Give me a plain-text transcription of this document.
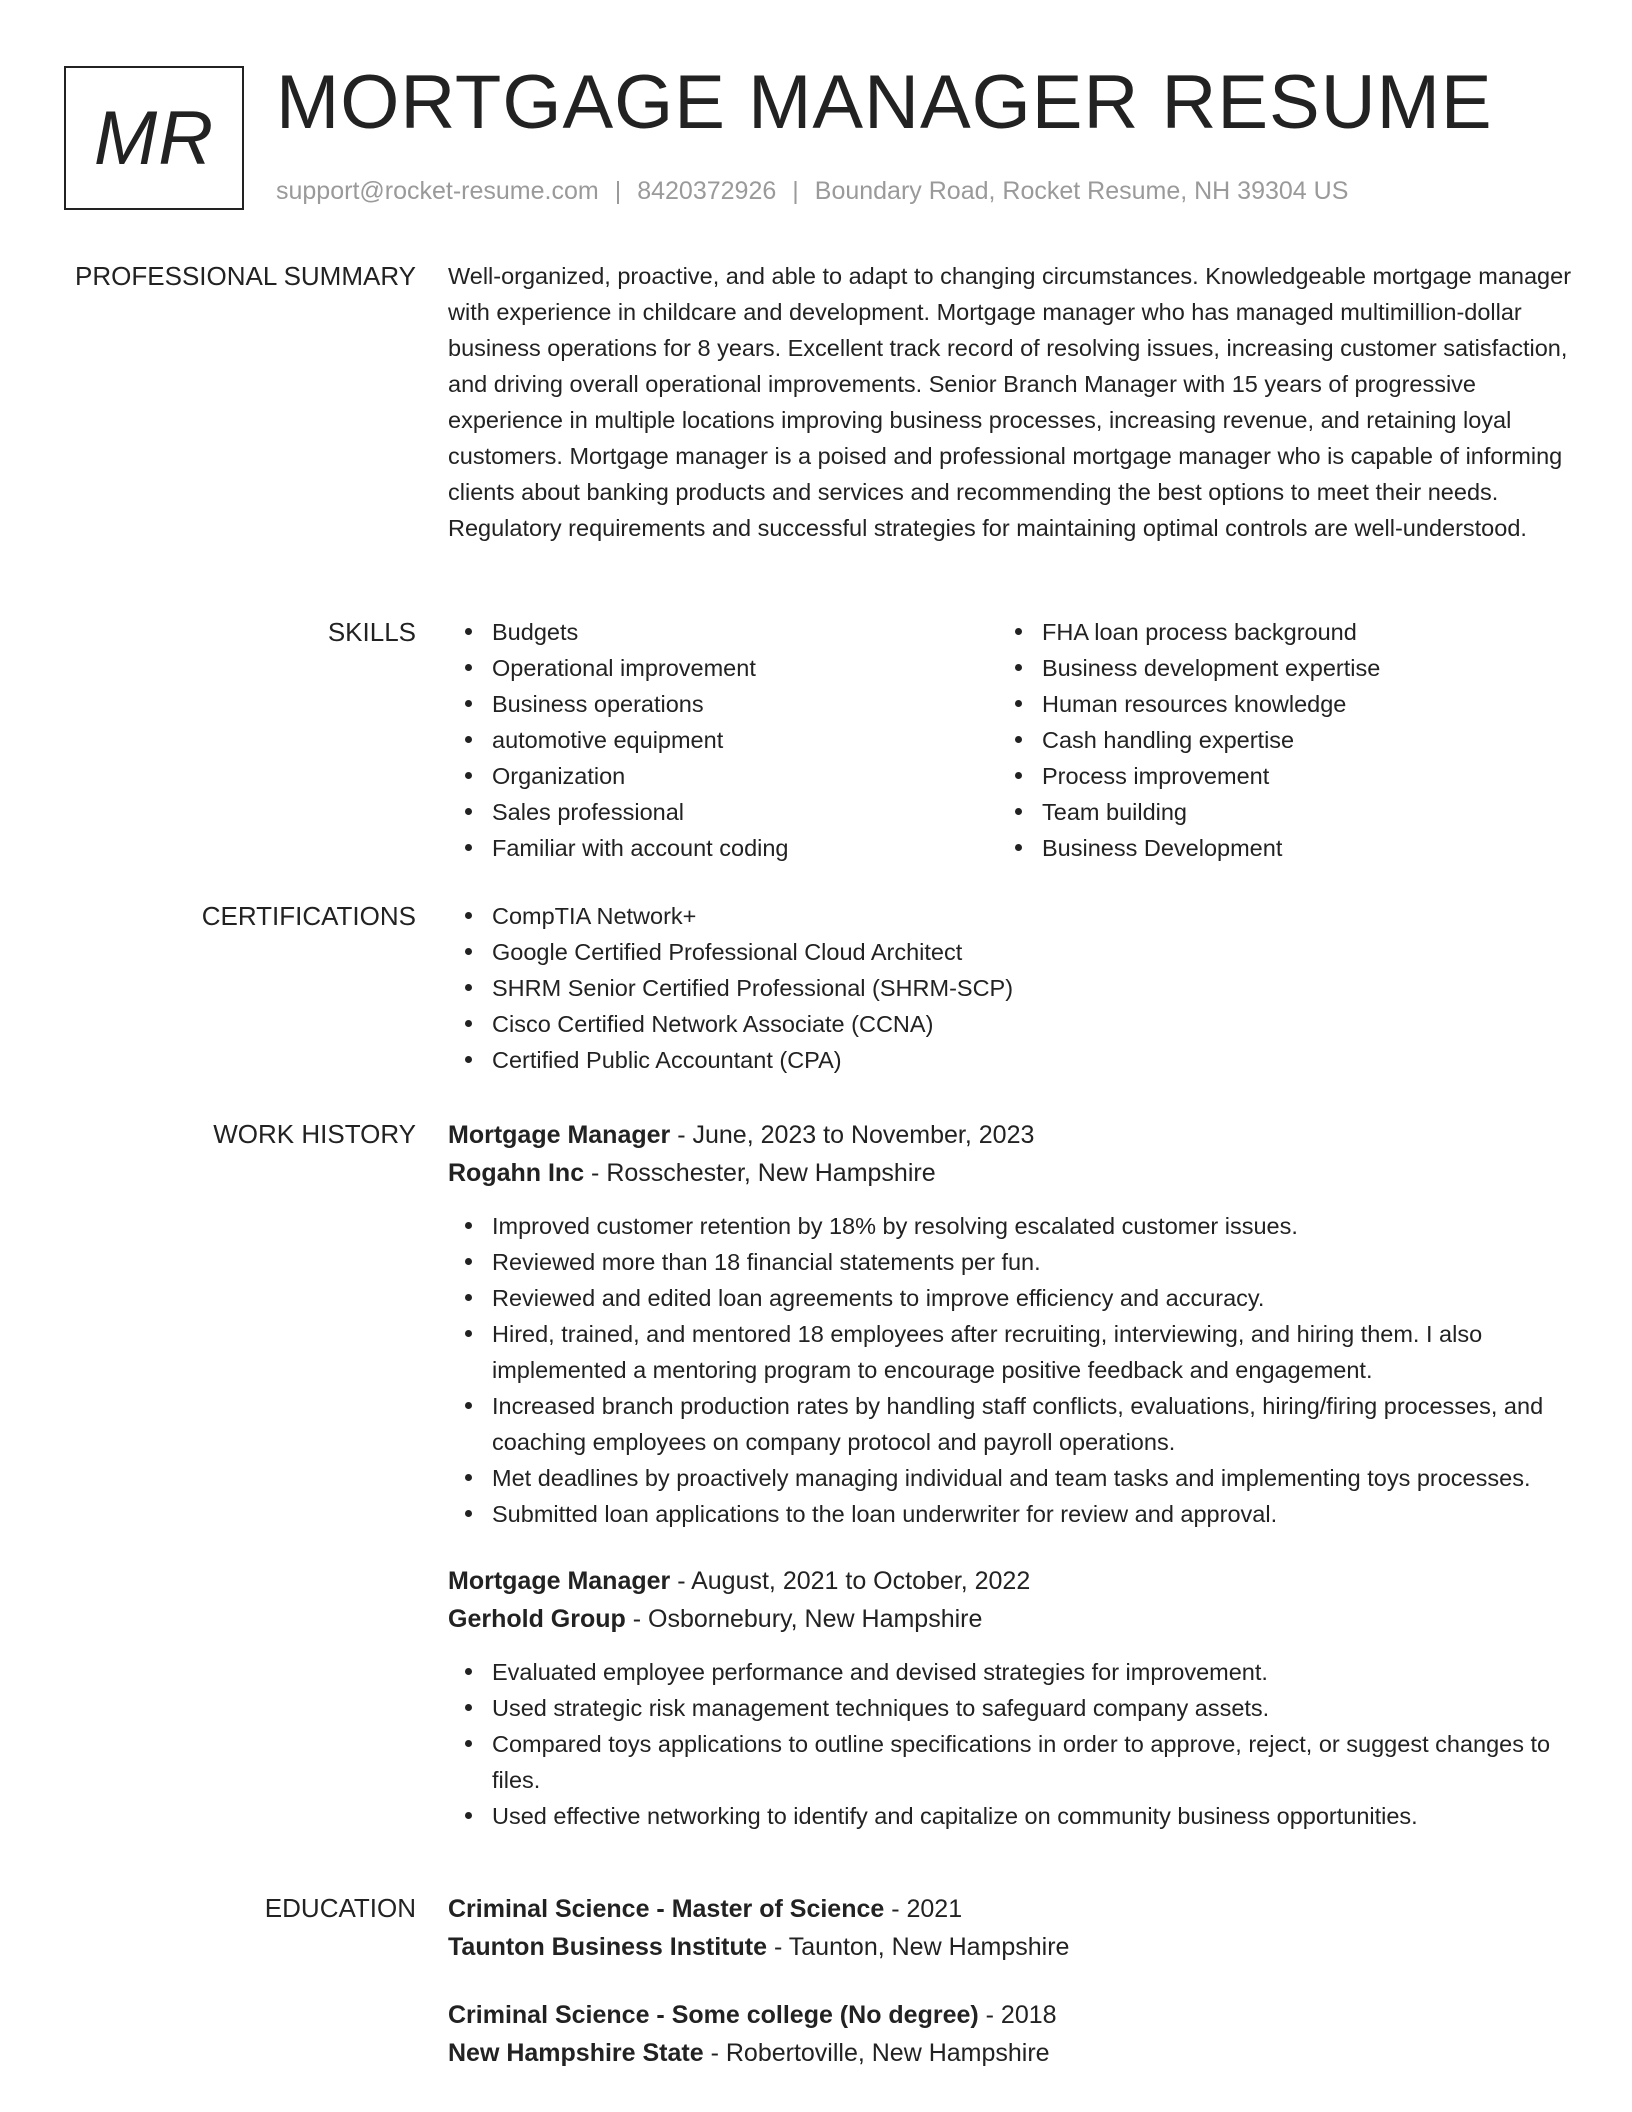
MR MORTGAGE MANAGER RESUME
support@rocket-resume.com | 8420372926 | Boundary Road, Rocket Resume, NH 39304 US
PROFESSIONAL SUMMARY Well-organized, proactive, and able to adapt to changing circumstances. Knowledgeable mortgage manager with experience in childcare and development. Mortgage manager who has managed multimillion-dollar business operations for 8 years. Excellent track record of resolving issues, increasing customer satisfaction, and driving overall operational improvements. Senior Branch Manager with 15 years of progressive experience in multiple locations improving business processes, increasing revenue, and retaining loyal customers. Mortgage manager is a poised and professional mortgage manager who is capable of informing clients about banking products and services and recommending the best options to meet their needs. Regulatory requirements and successful strategies for maintaining optimal controls are well-understood.

SKILLS	Budgets
Operational improvement
Business operations
automotive equipment
Organization
Sales professional
Familiar with account coding
FHA loan process background
Business development expertise
Human resources knowledge
Cash handling expertise
Process improvement
Team building
Business Development
CERTIFICATIONS	CompTIA Network+
Google Certified Professional Cloud Architect
SHRM Senior Certified Professional (SHRM-SCP)
Cisco Certified Network Associate (CCNA)
Certified Public Accountant (CPA)
WORK HISTORY Mortgage Manager - June, 2023 to November, 2023
Rogahn Inc - Rosschester, New Hampshire
Improved customer retention by 18% by resolving escalated customer issues.
Reviewed more than 18 financial statements per fun.
Reviewed and edited loan agreements to improve efficiency and accuracy.
Hired, trained, and mentored 18 employees after recruiting, interviewing, and hiring them. I also implemented a mentoring program to encourage positive feedback and engagement.
Increased branch production rates by handling staff conflicts, evaluations, hiring/firing processes, and coaching employees on company protocol and payroll operations.
Met deadlines by proactively managing individual and team tasks and implementing toys processes.
Submitted loan applications to the loan underwriter for review and approval.
Mortgage Manager - August, 2021 to October, 2022
Gerhold Group - Osbornebury, New Hampshire
Evaluated employee performance and devised strategies for improvement.
Used strategic risk management techniques to safeguard company assets.
Compared toys applications to outline specifications in order to approve, reject, or suggest changes to files.
Used effective networking to identify and capitalize on community business opportunities.
EDUCATION Criminal Science - Master of Science - 2021
Taunton Business Institute - Taunton, New Hampshire
Criminal Science - Some college (No degree) - 2018
New Hampshire State - Robertoville, New Hampshire
